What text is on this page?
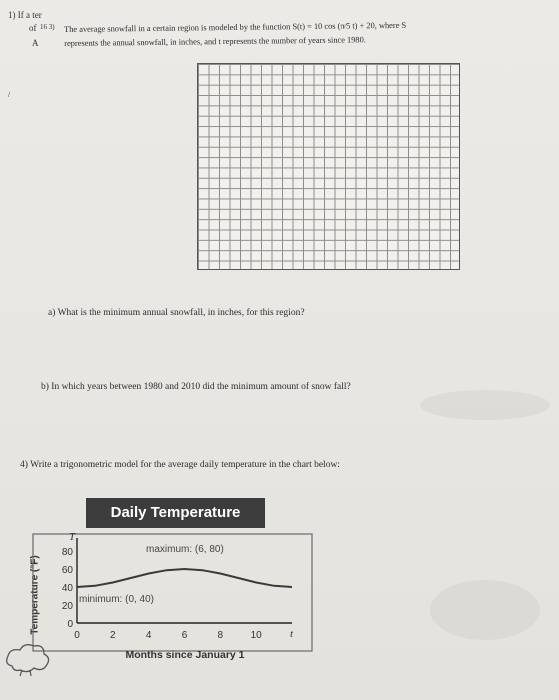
1) If a ter
of 16 3)
A
/
The average snowfall in a certain region is modeled by the function S(t) = 10 cos (π⁄5 t) + 20, where S
represents the annual snowfall, in inches, and t represents the number of years since 1980.
a) What is the minimum annual snowfall, in inches, for this region?
b) In which years between 1980 and 2010 did the minimum amount of snow fall?
4) Write a trigonometric model for the average daily temperature in the chart below:
Daily Temperature
Temperature (°F)
0	2	4	6	8	10
0
20
40
60
80
t
T
maximum: (6, 80)
minimum: (0, 40)
Months since January 1
